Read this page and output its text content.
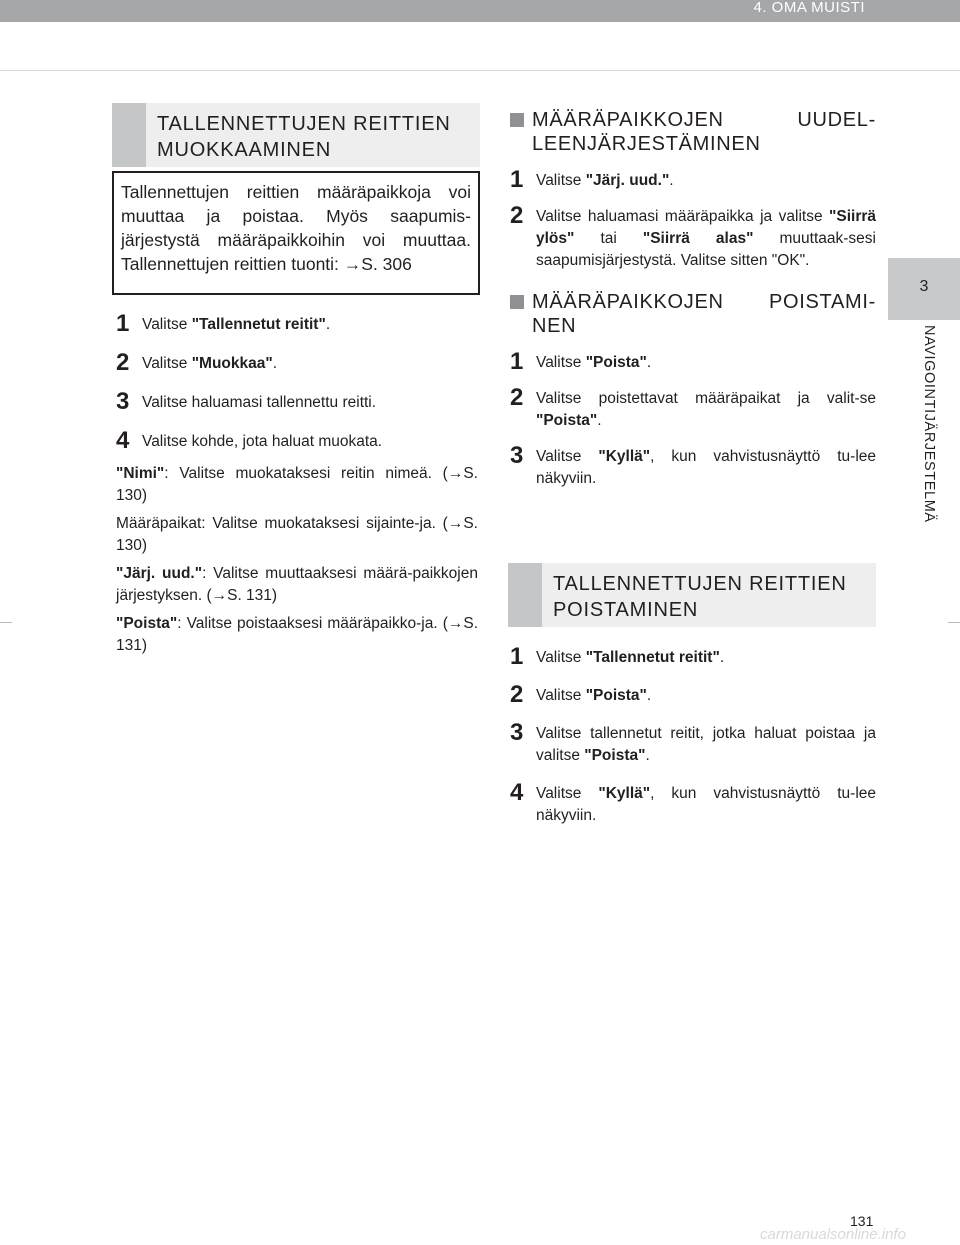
4. OMA MUISTI
3
NAVIGOINTIJÄRJESTELMÄ
TALLENNETTUJEN REITTIEN
MUOKKAAMINEN
Tallennettujen reittien määräpaikkoja voi muuttaa ja poistaa. Myös saapumis-järjestystä määräpaikkoihin voi muuttaa. Tallennettujen reittien tuonti: →S. 306

1 Valitse "Tallennetut reitit".

2 Valitse "Muokkaa".

3 Valitse haluamasi tallennettu reitti.

4 Valitse kohde, jota haluat muokata.

"Nimi": Valitse muokataksesi reitin nimeä. (→S. 130)

Määräpaikat: Valitse muokataksesi sijainte-ja. (→S. 130)

"Järj. uud.": Valitse muuttaaksesi määrä-paikkojen järjestyksen. (→S. 131)

"Poista": Valitse poistaaksesi määräpaikko-ja. (→S. 131)

MÄÄRÄPAIKKOJEN UUDEL-LEENJÄRJESTÄMINEN

1 Valitse "Järj. uud.".

2 Valitse haluamasi määräpaikka ja valitse "Siirrä ylös" tai "Siirrä alas" muuttaak-sesi saapumisjärjestystä. Valitse sitten "OK".

MÄÄRÄPAIKKOJEN POISTAMI-NEN

1 Valitse "Poista".

2 Valitse poistettavat määräpaikat ja valit-se "Poista".

3 Valitse "Kyllä", kun vahvistusnäyttö tu-lee näkyviin.

TALLENNETTUJEN REITTIEN
POISTAMINEN

1 Valitse "Tallennetut reitit".

2 Valitse "Poista".

3 Valitse tallennetut reitit, jotka haluat poistaa ja valitse "Poista".

4 Valitse "Kyllä", kun vahvistusnäyttö tu-lee näkyviin.

131
carmanualsonline.info
